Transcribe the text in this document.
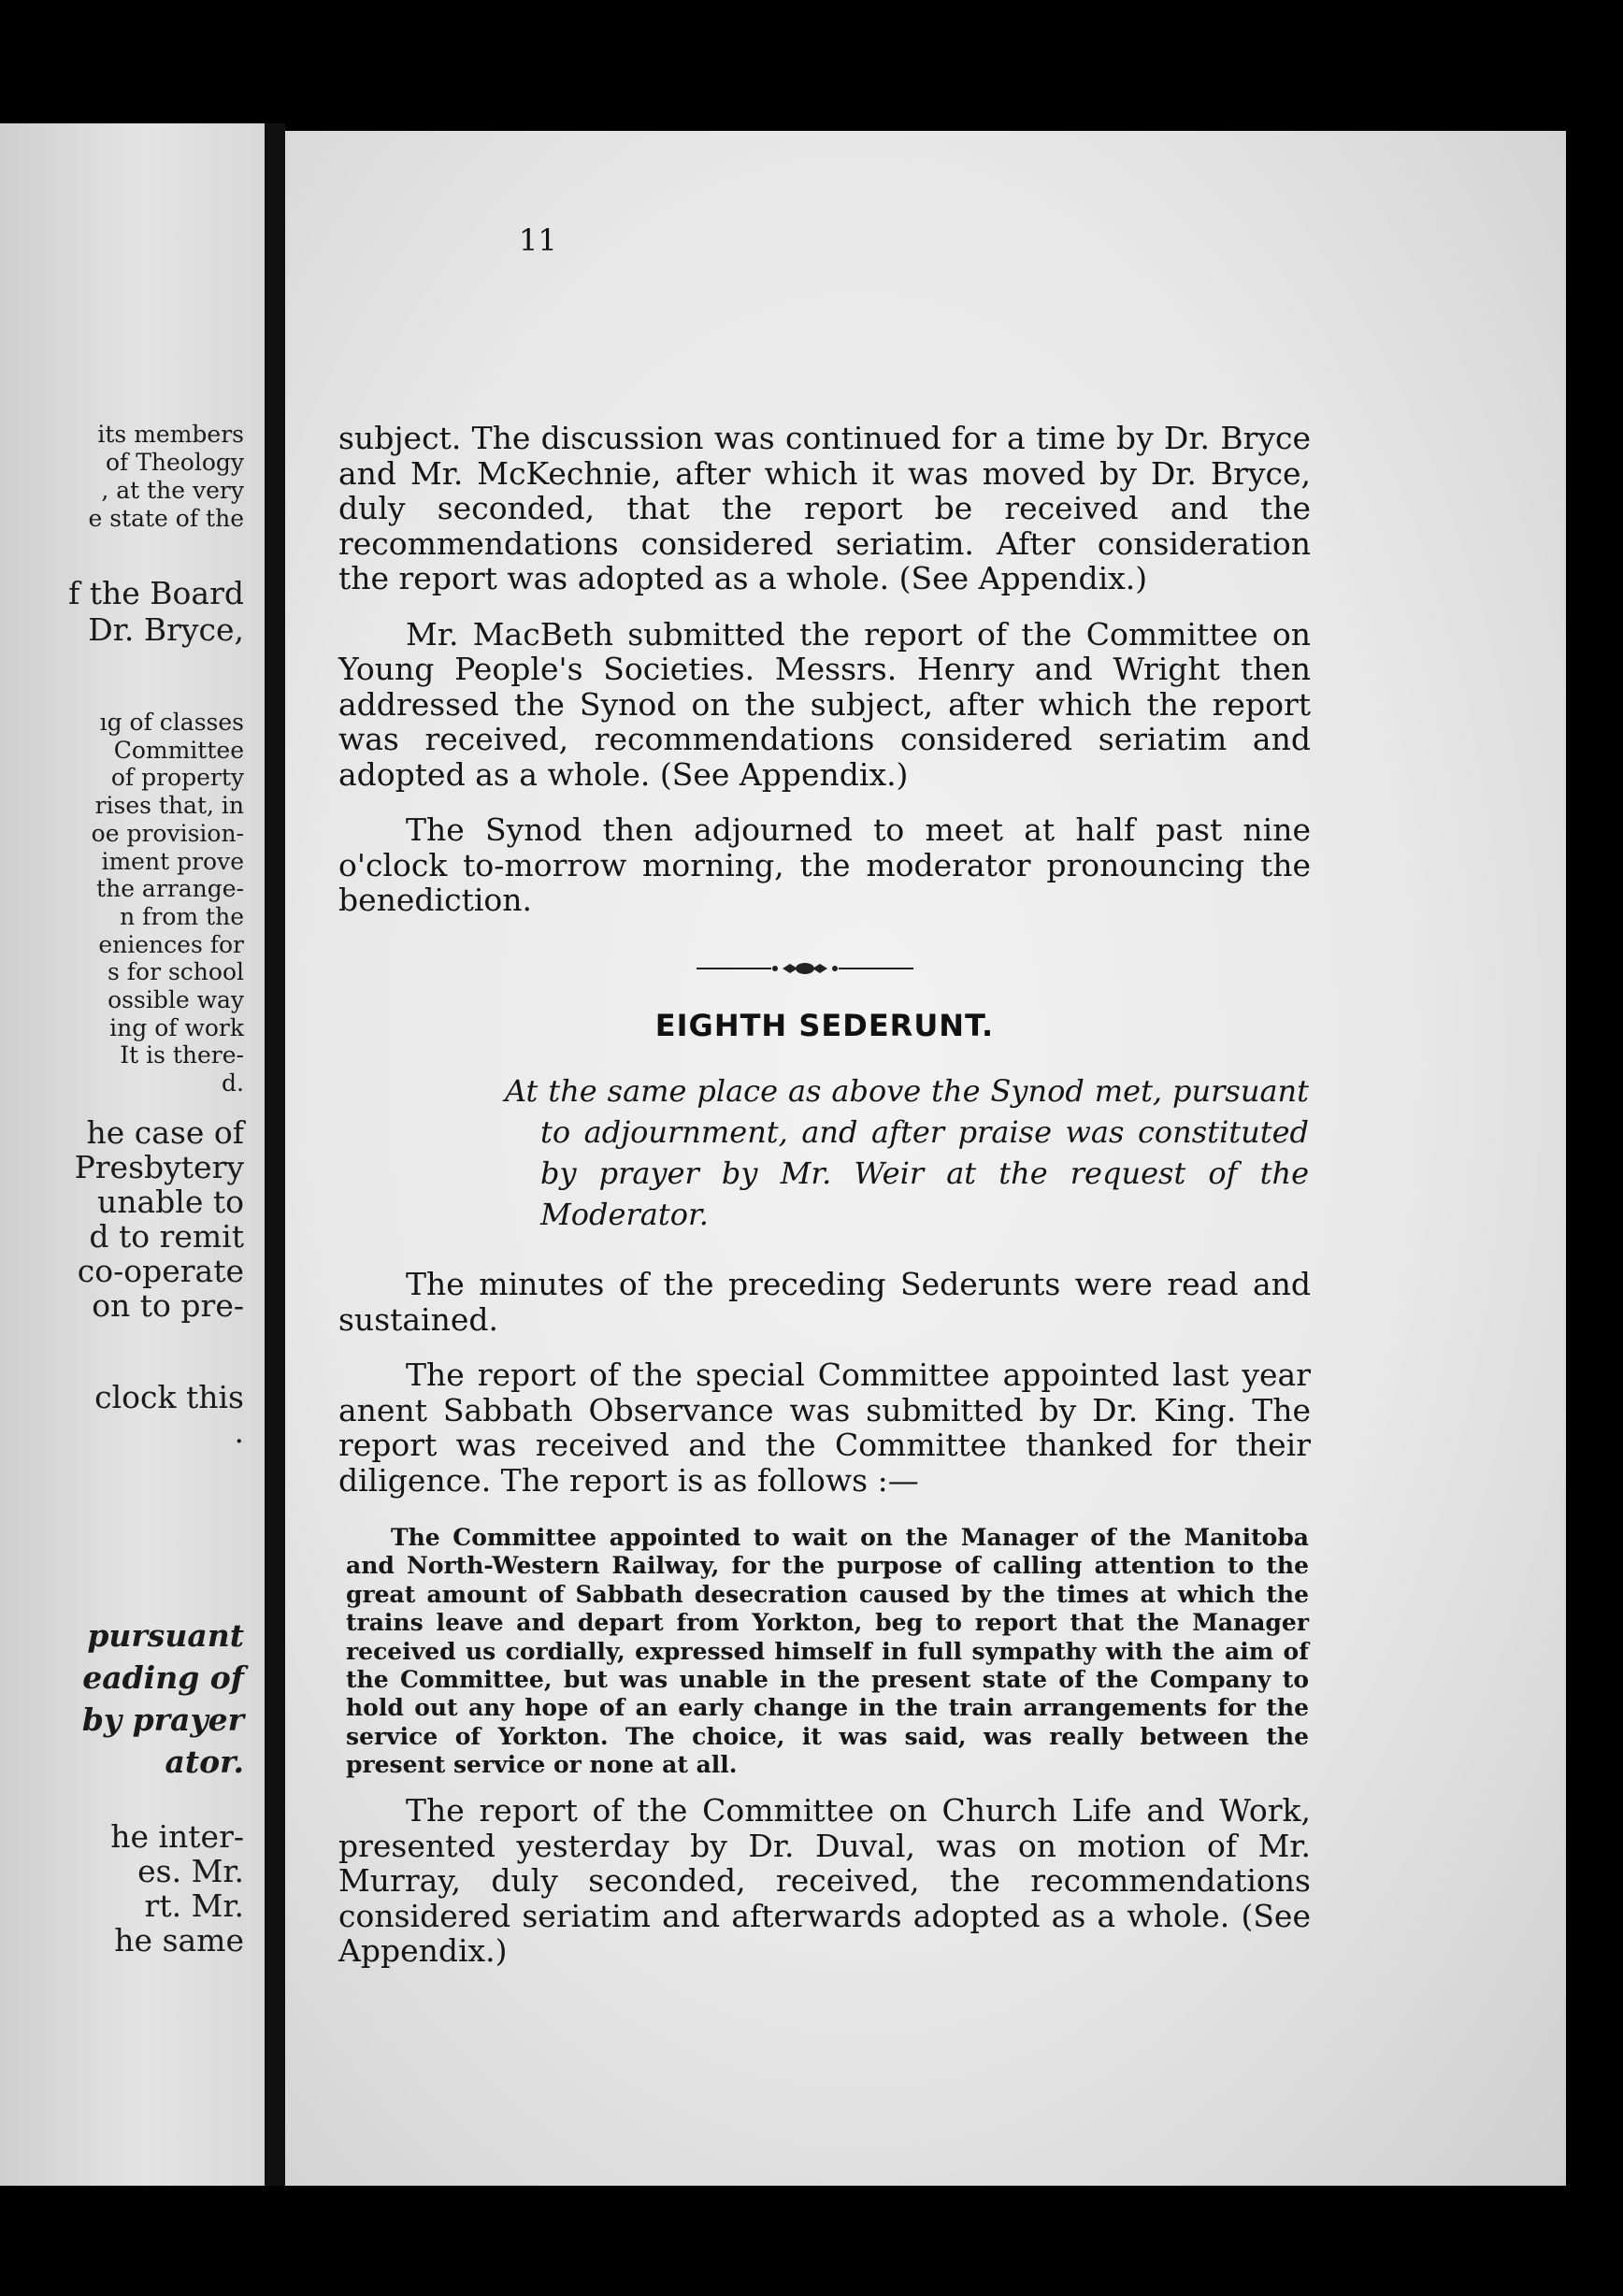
its members
of Theology
, at the very
e state of the
f the Board
Dr. Bryce,
ıg of classes
Committee
of property
rises that, in
oe provision-
iment prove
the arrange-
n from the
eniences for
s for school
ossible way
ing of work
It is there-
d.
he case of
Presbytery
unable to
d to remit
co-operate
on to pre-
clock this
.
pursuant
eading of
by prayer
ator.
he inter-
es. Mr.
rt. Mr.
he same
11

subject. The discussion was continued for a time by Dr. Bryce and Mr. McKechnie, after which it was moved by Dr. Bryce, duly seconded, that the report be received and the recommendations considered seriatim. After consideration the report was adopted as a whole. (See Appendix.)

Mr. MacBeth submitted the report of the Committee on Young People's Societies. Messrs. Henry and Wright then addressed the Synod on the subject, after which the report was received, recommendations considered seriatim and adopted as a whole. (See Appendix.)

The Synod then adjourned to meet at half past nine o'clock to-morrow morning, the moderator pronouncing the benediction.

EIGHTH SEDERUNT.

At the same place as above the Synod met, pursuant to adjournment, and after praise was constituted by prayer by Mr. Weir at the request of the Moderator.

The minutes of the preceding Sederunts were read and sustained.

The report of the special Committee appointed last year anent Sabbath Observance was submitted by Dr. King. The report was received and the Committee thanked for their diligence. The report is as follows :—

The Committee appointed to wait on the Manager of the Manitoba and North-Western Railway, for the purpose of calling attention to the great amount of Sabbath desecration caused by the times at which the trains leave and depart from Yorkton, beg to report that the Manager received us cordially, expressed himself in full sympathy with the aim of the Committee, but was unable in the present state of the Company to hold out any hope of an early change in the train arrangements for the service of Yorkton. The choice, it was said, was really between the present service or none at all.

The report of the Committee on Church Life and Work, presented yesterday by Dr. Duval, was on motion of Mr. Murray, duly seconded, received, the recommendations considered seriatim and afterwards adopted as a whole. (See Appendix.)
